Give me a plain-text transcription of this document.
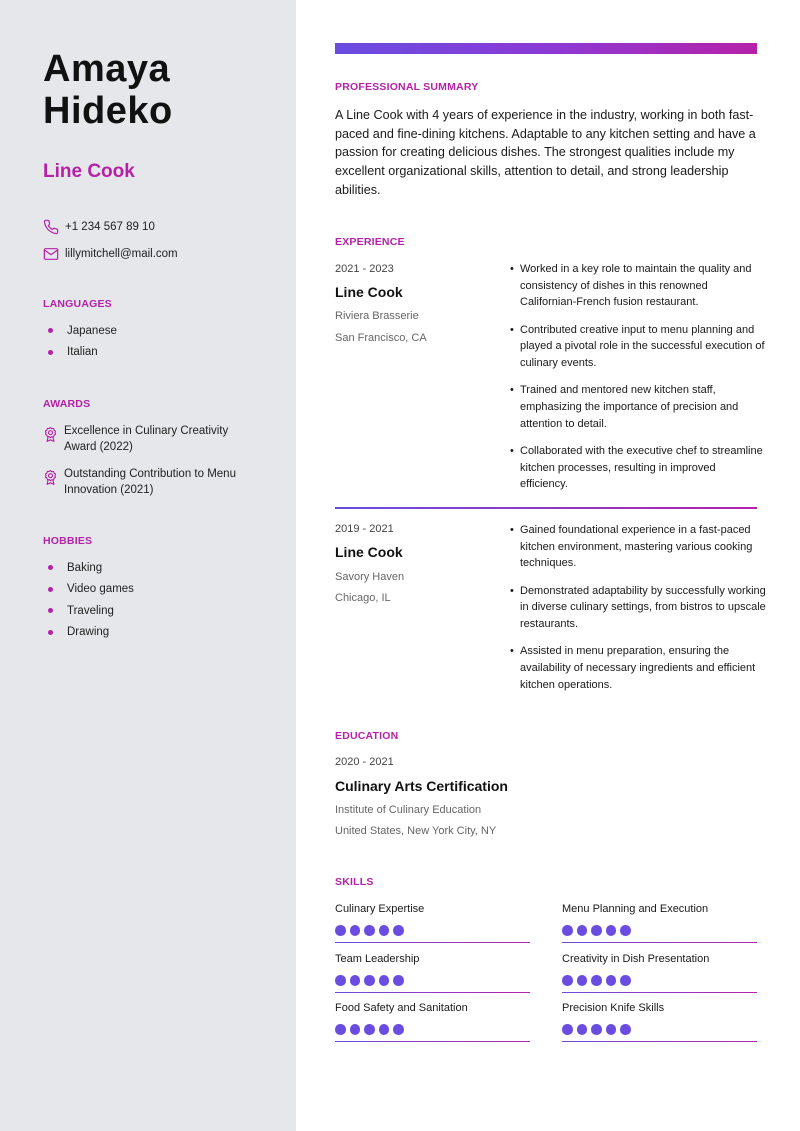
Amaya
Hideko
Line Cook
+1 234 567 89 10
lillymitchell@mail.com
LANGUAGES
Japanese
Italian
AWARDS
Excellence in Culinary Creativity
Award (2022)
Outstanding Contribution to Menu
Innovation (2021)
HOBBIES
Baking
Video games
Traveling
Drawing
PROFESSIONAL SUMMARY
A Line Cook with 4 years of experience in the industry, working in both fast-paced and fine-dining kitchens. Adaptable to any kitchen setting and have a passion for creating delicious dishes. The strongest qualities include my excellent organizational skills, attention to detail, and strong leadership abilities.
EXPERIENCE
2021 - 2023
Line Cook
Riviera Brasserie
San Francisco, CA
• Worked in a key role to maintain the quality and consistency of dishes in this renowned Californian-French fusion restaurant.
• Contributed creative input to menu planning and played a pivotal role in the successful execution of culinary events.
• Trained and mentored new kitchen staff, emphasizing the importance of precision and attention to detail.
• Collaborated with the executive chef to streamline kitchen processes, resulting in improved efficiency.
2019 - 2021
Line Cook
Savory Haven
Chicago, IL
• Gained foundational experience in a fast-paced kitchen environment, mastering various cooking techniques.
• Demonstrated adaptability by successfully working in diverse culinary settings, from bistros to upscale restaurants.
• Assisted in menu preparation, ensuring the availability of necessary ingredients and efficient kitchen operations.
EDUCATION
2020 - 2021
Culinary Arts Certification
Institute of Culinary Education
United States, New York City, NY
SKILLS
Culinary Expertise	Menu Planning and Execution
Team Leadership	Creativity in Dish Presentation
Food Safety and Sanitation	Precision Knife Skills
